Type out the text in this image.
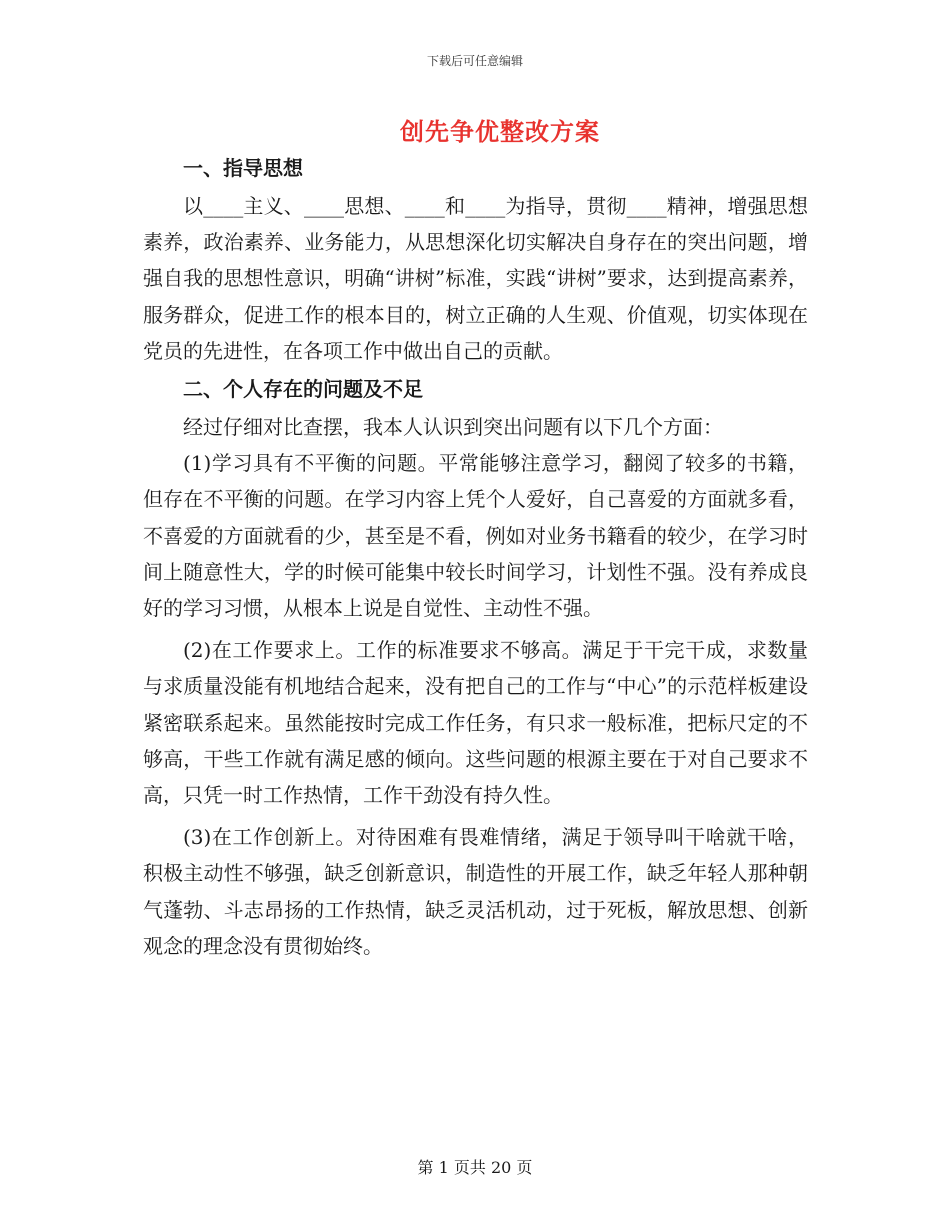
下载后可任意编辑
创先争优整改方案
一、指导思想

以____主义、____思想、____和____为指导，贯彻____精神，增强思想素养，政治素养、业务能力，从思想深化切实解决自身存在的突出问题，增强自我的思想性意识，明确“讲树”标准，实践“讲树”要求，达到提高素养，服务群众，促进工作的根本目的，树立正确的人生观、价值观，切实体现在党员的先进性，在各项工作中做出自己的贡献。

二、个人存在的问题及不足

经过仔细对比查摆，我本人认识到突出问题有以下几个方面：

(1)学习具有不平衡的问题。平常能够注意学习，翻阅了较多的书籍，但存在不平衡的问题。在学习内容上凭个人爱好，自己喜爱的方面就多看，不喜爱的方面就看的少，甚至是不看，例如对业务书籍看的较少，在学习时间上随意性大，学的时候可能集中较长时间学习，计划性不强。没有养成良好的学习习惯，从根本上说是自觉性、主动性不强。

(2)在工作要求上。工作的标准要求不够高。满足于干完干成，求数量与求质量没能有机地结合起来，没有把自己的工作与“中心”的示范样板建设紧密联系起来。虽然能按时完成工作任务，有只求一般标准，把标尺定的不够高，干些工作就有满足感的倾向。这些问题的根源主要在于对自己要求不高，只凭一时工作热情，工作干劲没有持久性。

(3)在工作创新上。对待困难有畏难情绪，满足于领导叫干啥就干啥，积极主动性不够强，缺乏创新意识，制造性的开展工作，缺乏年轻人那种朝气蓬勃、斗志昂扬的工作热情，缺乏灵活机动，过于死板，解放思想、创新观念的理念没有贯彻始终。

第 1 页共 20 页
